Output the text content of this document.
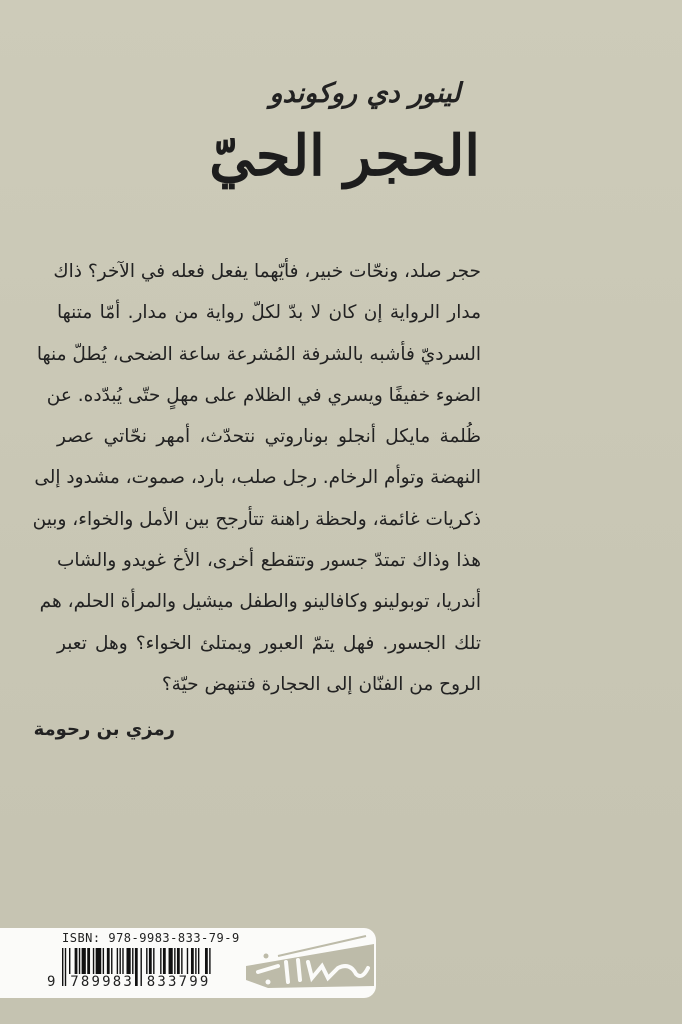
لينور دي روكوندو
الحجر الحيّ
حجر صلد، ونحّات خبير، فأيّهما يفعل فعله في الآخر؟ ذاك
مدار الرواية إن كان لا بدّ لكلّ رواية من مدار. أمّا متنها
السرديّ فأشبه بالشرفة المُشرعة ساعة الضحى، يُطلّ منها
الضوء خفيفًا ويسري في الظلام على مهلٍ حتّى يُبدّده. عن
ظُلمة مايكل أنجلو بوناروتي نتحدّث، أمهر نحّاتي عصر
النهضة وتوأم الرخام. رجل صلب، بارد، صموت، مشدود إلى
ذكريات غائمة، ولحظة راهنة تتأرجح بين الأمل والخواء، وبين
هذا وذاك تمتدّ جسور وتتقطع أخرى، الأخ غويدو والشاب
أندريا، توبولينو وكافالينو والطفل ميشيل والمرأة الحلم، هم
تلك الجسور. فهل يتمّ العبور ويمتلئ الخواء؟ وهل تعبر
الروح من الفنّان إلى الحجارة فتنهض حيّة؟
رمزي بن رحومة
ISBN: 978-9983-833-79-9
9 789983 833799
